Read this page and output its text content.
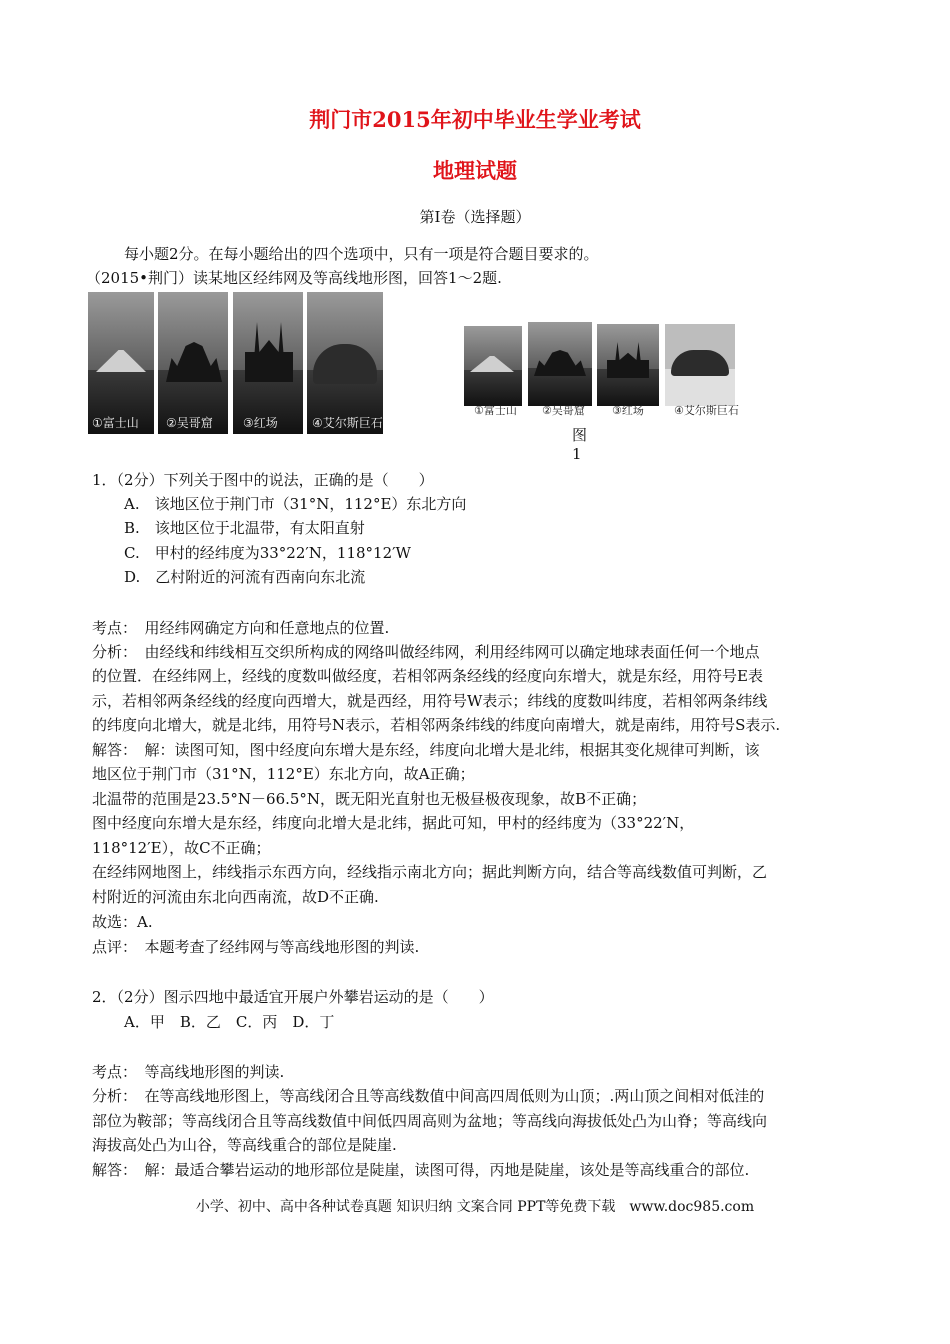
荆门市2015年初中毕业生学业考试
地理试题
第Ⅰ卷（选择题）
每小题2分。在每小题给出的四个选项中，只有一项是符合题目要求的。
（2015•荆门）读某地区经纬网及等高线地形图，回答1～2题.
①富士山 ②吴哥窟	③红场	④艾尔斯巨石
①富士山 ②吴哥窟 ③红场	④艾尔斯巨石
图1
1．（2分）下列关于图中的说法，正确的是（　　）
A.　该地区位于荆门市（31°N，112°E）东北方向
B.　该地区位于北温带，有太阳直射
C.　甲村的经纬度为33°22′N，118°12′W
D.　乙村附近的河流有西南向东北流
考点：　用经纬网确定方向和任意地点的位置.
分析：　由经线和纬线相互交织所构成的网络叫做经纬网，利用经纬网可以确定地球表面任何一个地点
的位置．在经纬网上，经线的度数叫做经度，若相邻两条经线的经度向东增大，就是东经，用符号E表
示，若相邻两条经线的经度向西增大，就是西经，用符号W表示；纬线的度数叫纬度，若相邻两条纬线
的纬度向北增大，就是北纬，用符号N表示，若相邻两条纬线的纬度向南增大，就是南纬，用符号S表示.
解答：　解：读图可知，图中经度向东增大是东经，纬度向北增大是北纬，根据其变化规律可判断，该
地区位于荆门市（31°N，112°E）东北方向，故A正确；
北温带的范围是23.5°N－66.5°N，既无阳光直射也无极昼极夜现象，故B不正确；
图中经度向东增大是东经，纬度向北增大是北纬，据此可知，甲村的经纬度为（33°22′N，
118°12′E），故C不正确；
在经纬网地图上，纬线指示东西方向，经线指示南北方向；据此判断方向，结合等高线数值可判断，乙
村附近的河流由东北向西南流，故D不正确.
故选：A.
点评：　本题考查了经纬网与等高线地形图的判读.
2．（2分）图示四地中最适宜开展户外攀岩运动的是（　　）
A．甲　B．乙　C．丙　D．丁
考点：　等高线地形图的判读.
分析：　在等高线地形图上，等高线闭合且等高线数值中间高四周低则为山顶；.两山顶之间相对低洼的
部位为鞍部；等高线闭合且等高线数值中间低四周高则为盆地；等高线向海拔低处凸为山脊；等高线向
海拔高处凸为山谷，等高线重合的部位是陡崖.
解答：　解：最适合攀岩运动的地形部位是陡崖，读图可得，丙地是陡崖，该处是等高线重合的部位.
小学、初中、高中各种试卷真题 知识归纳 文案合同 PPT等免费下载　www.doc985.com
